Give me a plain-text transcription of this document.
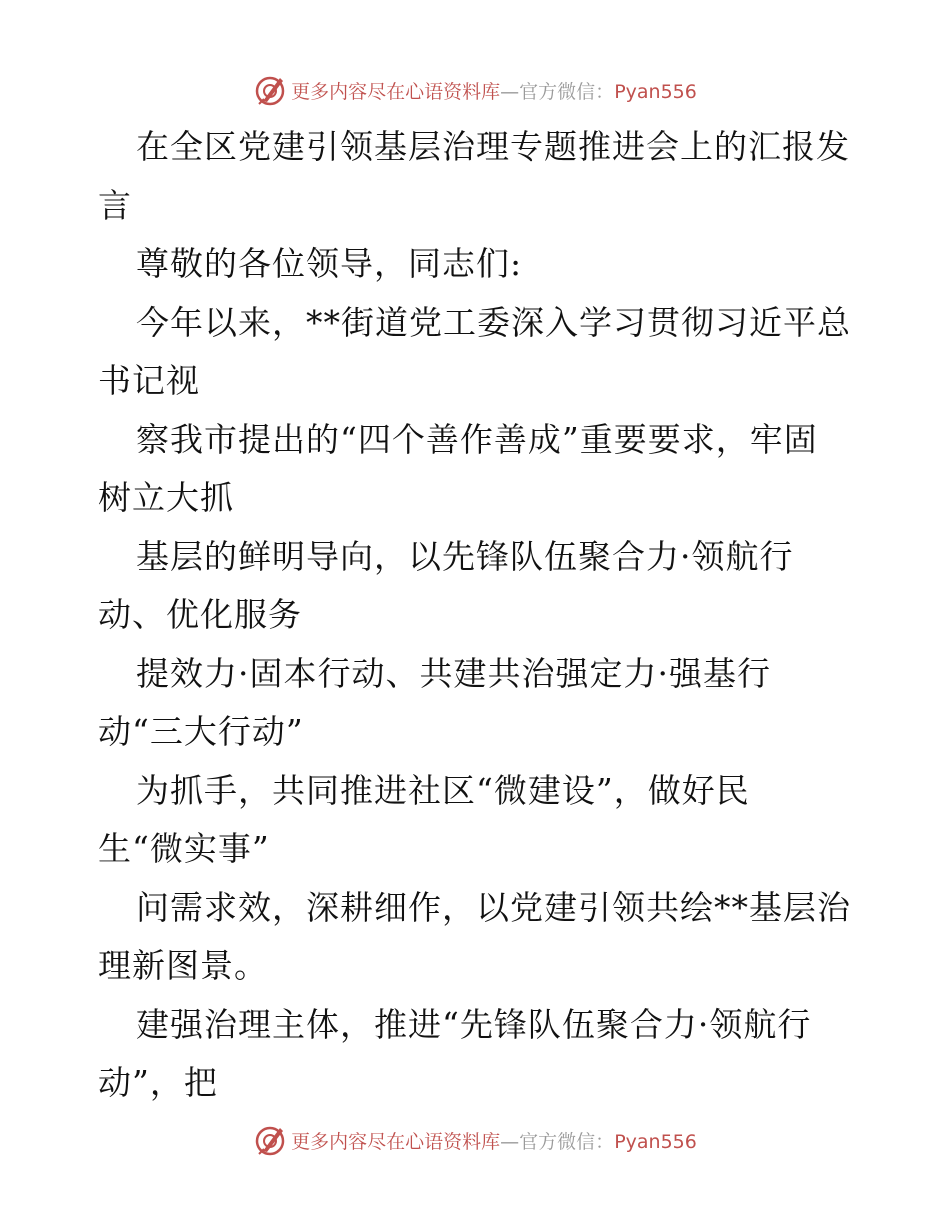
更多内容尽在心语资料库—官方微信：Pyan556
在全区党建引领基层治理专题推进会上的汇报发
言
尊敬的各位领导，同志们:
今年以来，**街道党工委深入学习贯彻习近平总
书记视
察我市提出的“四个善作善成”重要要求，牢固
树立大抓
基层的鲜明导向，以先锋队伍聚合力·领航行
动、优化服务
提效力·固本行动、共建共治强定力·强基行
动“三大行动”
为抓手，共同推进社区“微建设”，做好民
生“微实事”
问需求效，深耕细作，以党建引领共绘**基层治
理新图景。
建强治理主体，推进“先锋队伍聚合力·领航行
动”，把
更多内容尽在心语资料库—官方微信：Pyan556
